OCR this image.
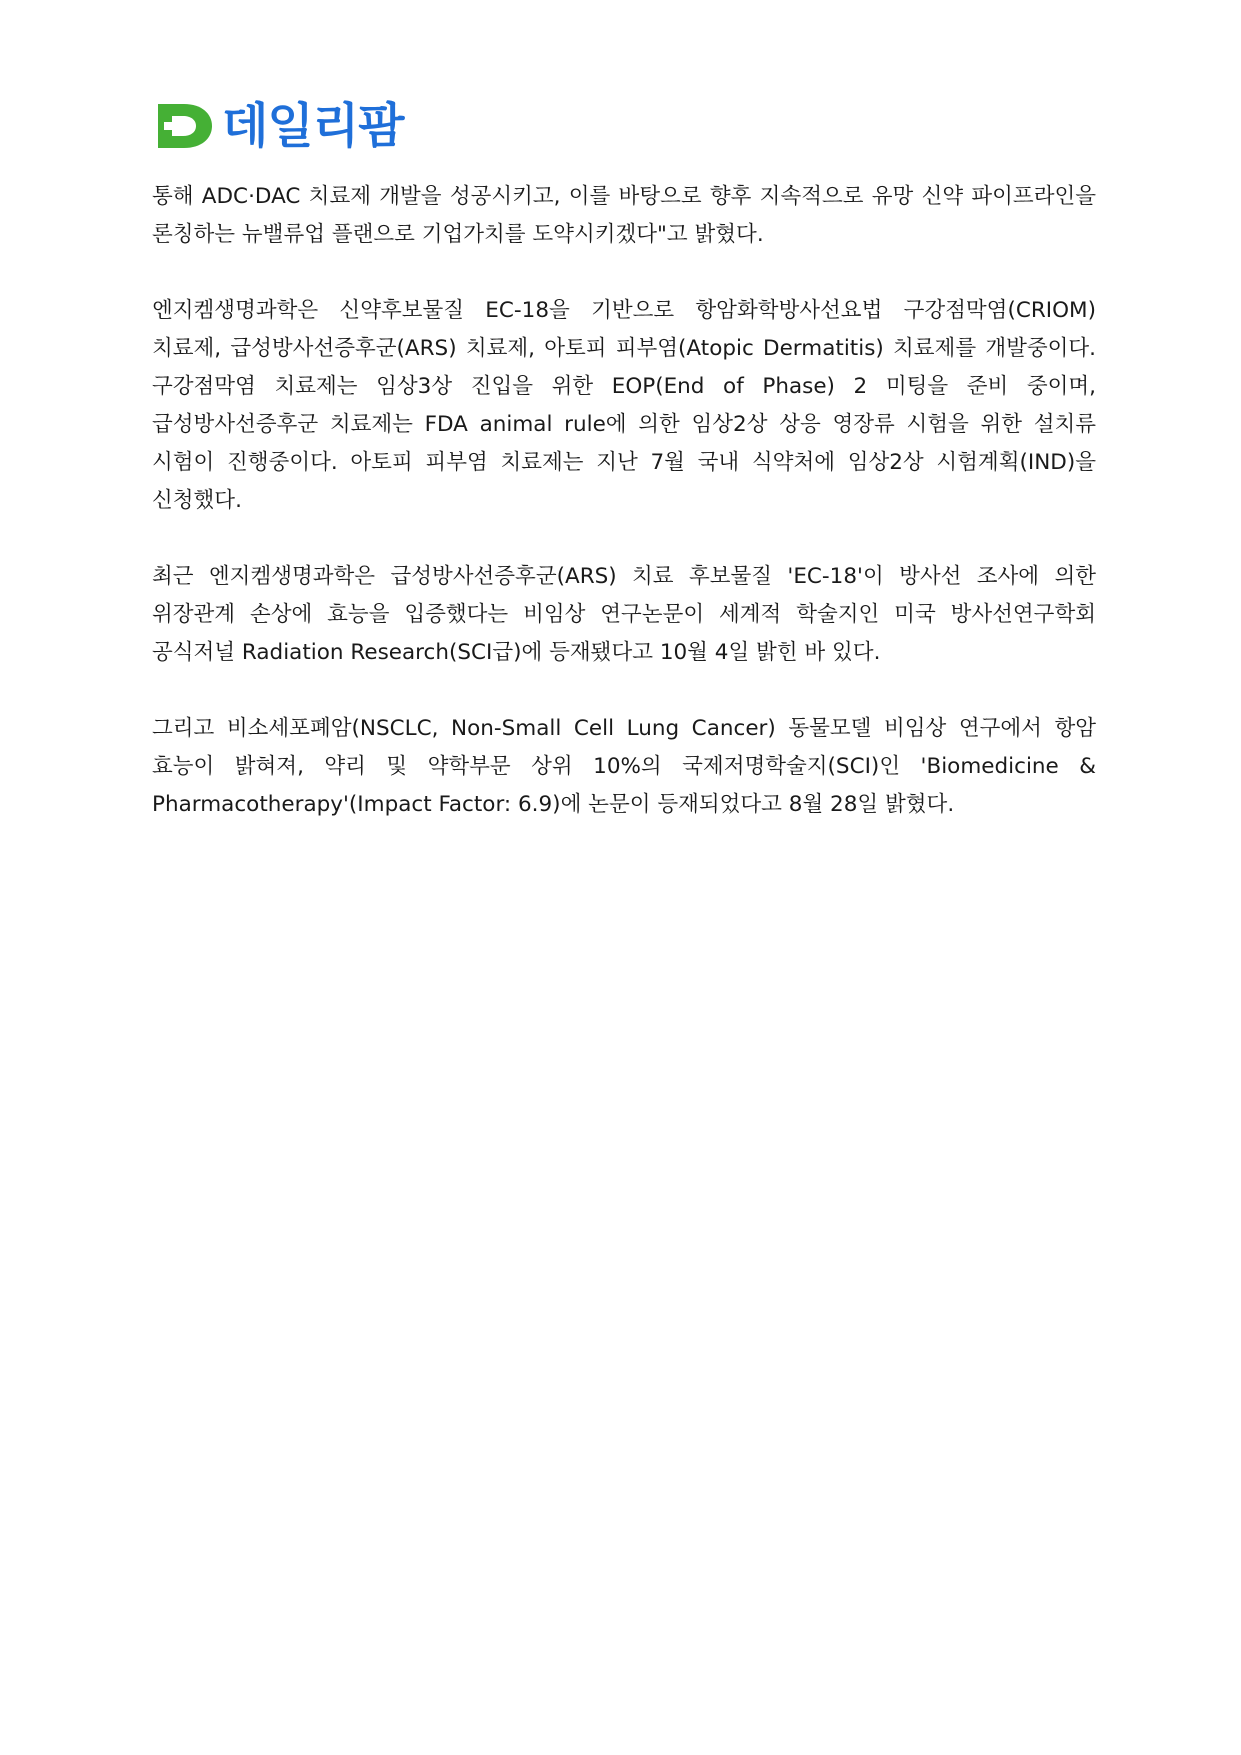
데일리팜

통해 ADC·DAC 치료제 개발을 성공시키고, 이를 바탕으로 향후 지속적으로 유망 신약 파이프라인을 론칭하는 뉴밸류업 플랜으로 기업가치를 도약시키겠다"고 밝혔다.

엔지켐생명과학은 신약후보물질 EC-18을 기반으로 항암화학방사선요법 구강점막염(CRIOM) 치료제, 급성방사선증후군(ARS) 치료제, 아토피 피부염(Atopic Dermatitis) 치료제를 개발중이다. 구강점막염 치료제는 임상3상 진입을 위한 EOP(End of Phase) 2 미팅을 준비 중이며, 급성방사선증후군 치료제는 FDA animal rule에 의한 임상2상 상응 영장류 시험을 위한 설치류 시험이 진행중이다. 아토피 피부염 치료제는 지난 7월 국내 식약처에 임상2상 시험계획(IND)을 신청했다.

최근 엔지켐생명과학은 급성방사선증후군(ARS) 치료 후보물질 'EC-18'이 방사선 조사에 의한 위장관계 손상에 효능을 입증했다는 비임상 연구논문이 세계적 학술지인 미국 방사선연구학회 공식저널 Radiation Research(SCI급)에 등재됐다고 10월 4일 밝힌 바 있다.

그리고 비소세포폐암(NSCLC, Non-Small Cell Lung Cancer) 동물모델 비임상 연구에서 항암 효능이 밝혀져, 약리 및 약학부문 상위 10%의 국제저명학술지(SCI)인 'Biomedicine & Pharmacotherapy'(Impact Factor: 6.9)에 논문이 등재되었다고 8월 28일 밝혔다.
